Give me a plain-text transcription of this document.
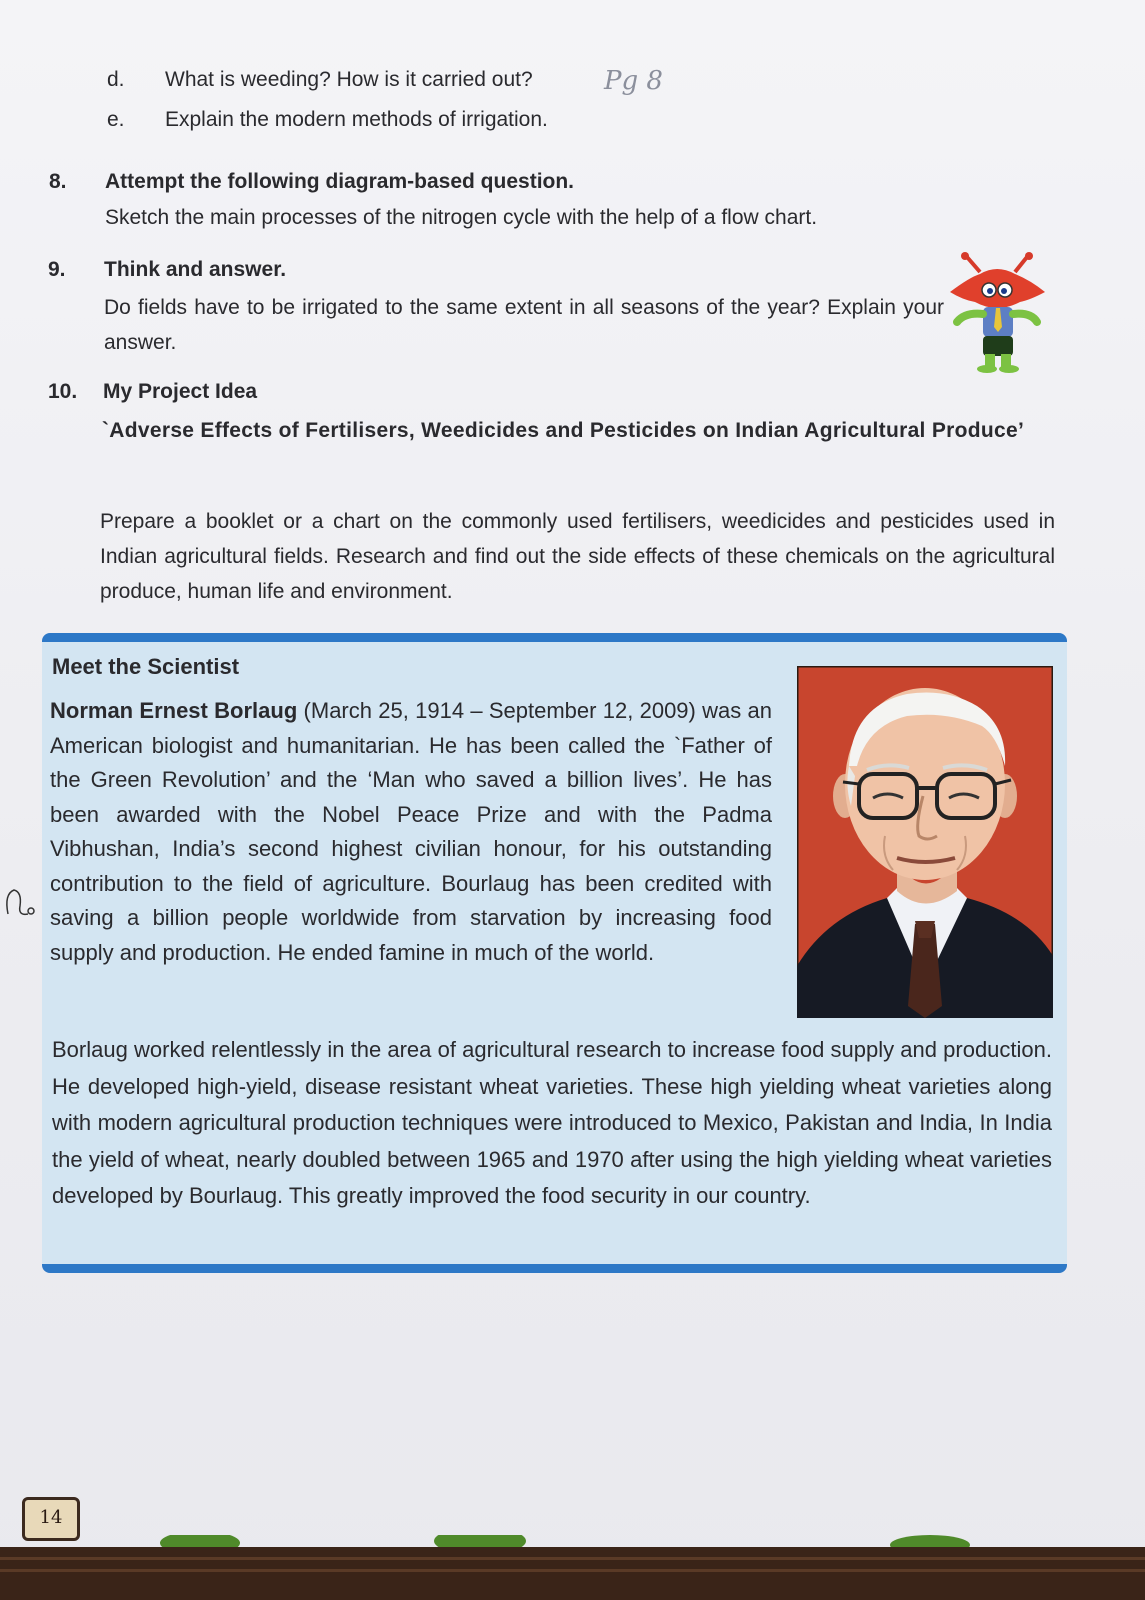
d. What is weeding? How is it carried out?	Pg 8
e. Explain the modern methods of irrigation.
8. Attempt the following diagram-based question.
Sketch the main processes of the nitrogen cycle with the help of a flow chart.
9. Think and answer.
Do fields have to be irrigated to the same extent in all seasons of the year? Explain your answer.
10. My Project Idea
`Adverse Effects of Fertilisers, Weedicides and Pesticides on Indian Agricultural Produce’
Prepare a booklet or a chart on the commonly used fertilisers, weedicides and pesticides used in Indian agricultural fields. Research and find out the side effects of these chemicals on the agricultural produce, human life and environment.
Meet the Scientist
Norman Ernest Borlaug (March 25, 1914 – September 12, 2009) was an American biologist and humanitarian. He has been called the `Father of the Green Revolution’ and the ‘Man who saved a billion lives’. He has been awarded with the Nobel Peace Prize and with the Padma Vibhushan, India’s second highest civilian honour, for his outstanding contribution to the field of agriculture. Bourlaug has been credited with saving a billion people worldwide from starvation by increasing food supply and production. He ended famine in much of the world.
Borlaug worked relentlessly in the area of agricultural research to increase food supply and production. He developed high-yield, disease resistant wheat varieties. These high yielding wheat varieties along with modern agricultural production techniques were introduced to Mexico, Pakistan and India, In India the yield of wheat, nearly doubled between 1965 and 1970 after using the high yielding wheat varieties developed by Bourlaug. This greatly improved the food security in our country.
14
